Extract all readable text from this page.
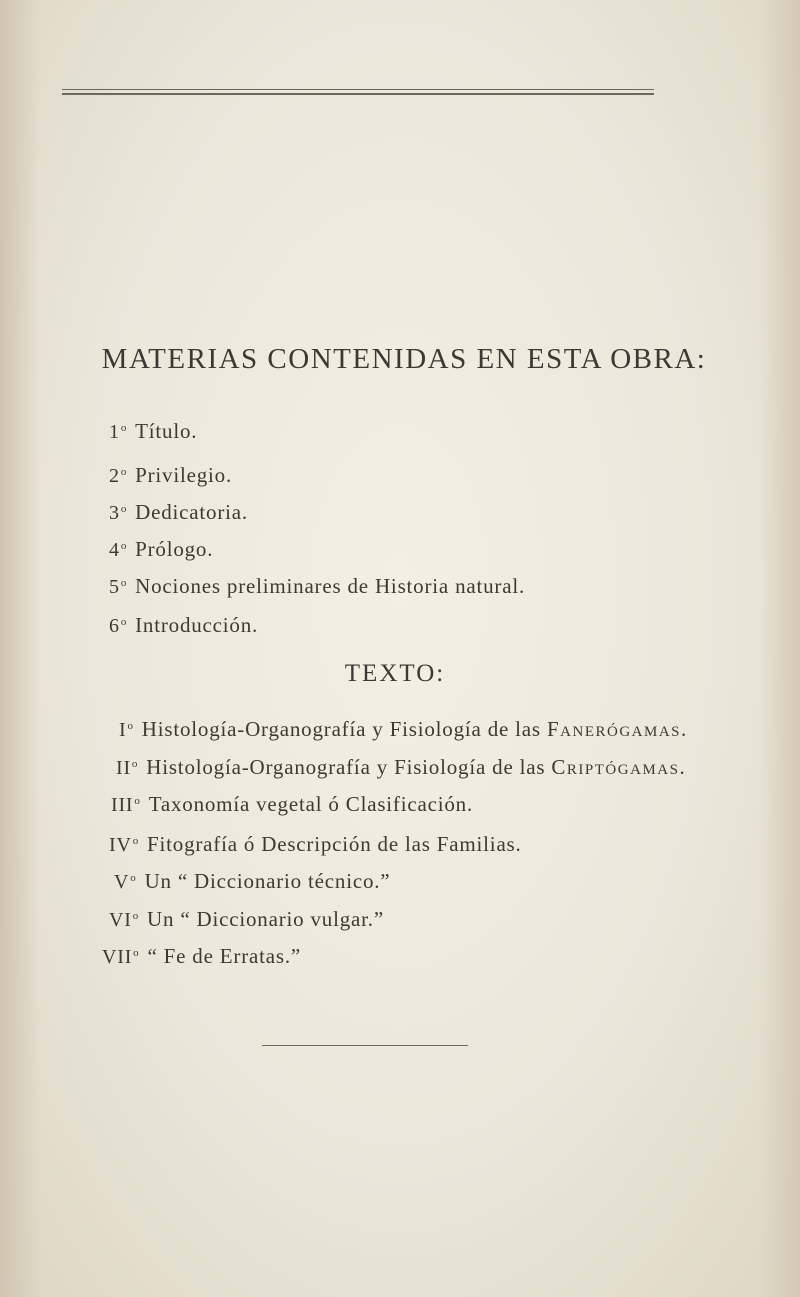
MATERIAS CONTENIDAS EN ESTA OBRA:
1$^o$ Título.
2$^o$ Privilegio.
3$^o$ Dedicatoria.
4$^o$ Prólogo.
5$^o$ Nociones preliminares de Historia natural.
6$^o$ Introducción.
TEXTO:
$I^o$ Histología-Organografía y Fisiología de las Fanerógamas.
$II^o$ Histología-Organografía y Fisiología de las Criptógamas.
III$^o$ Taxonomía vegetal ó Clasificación.
$IV^o$ Fitografía ó Descripción de las Familias.
$V^o$ Un “ Diccionario técnico.”
$VI^o$ Un “ Diccionario vulgar.”
VII$^o$ “ Fe de Erratas.”
